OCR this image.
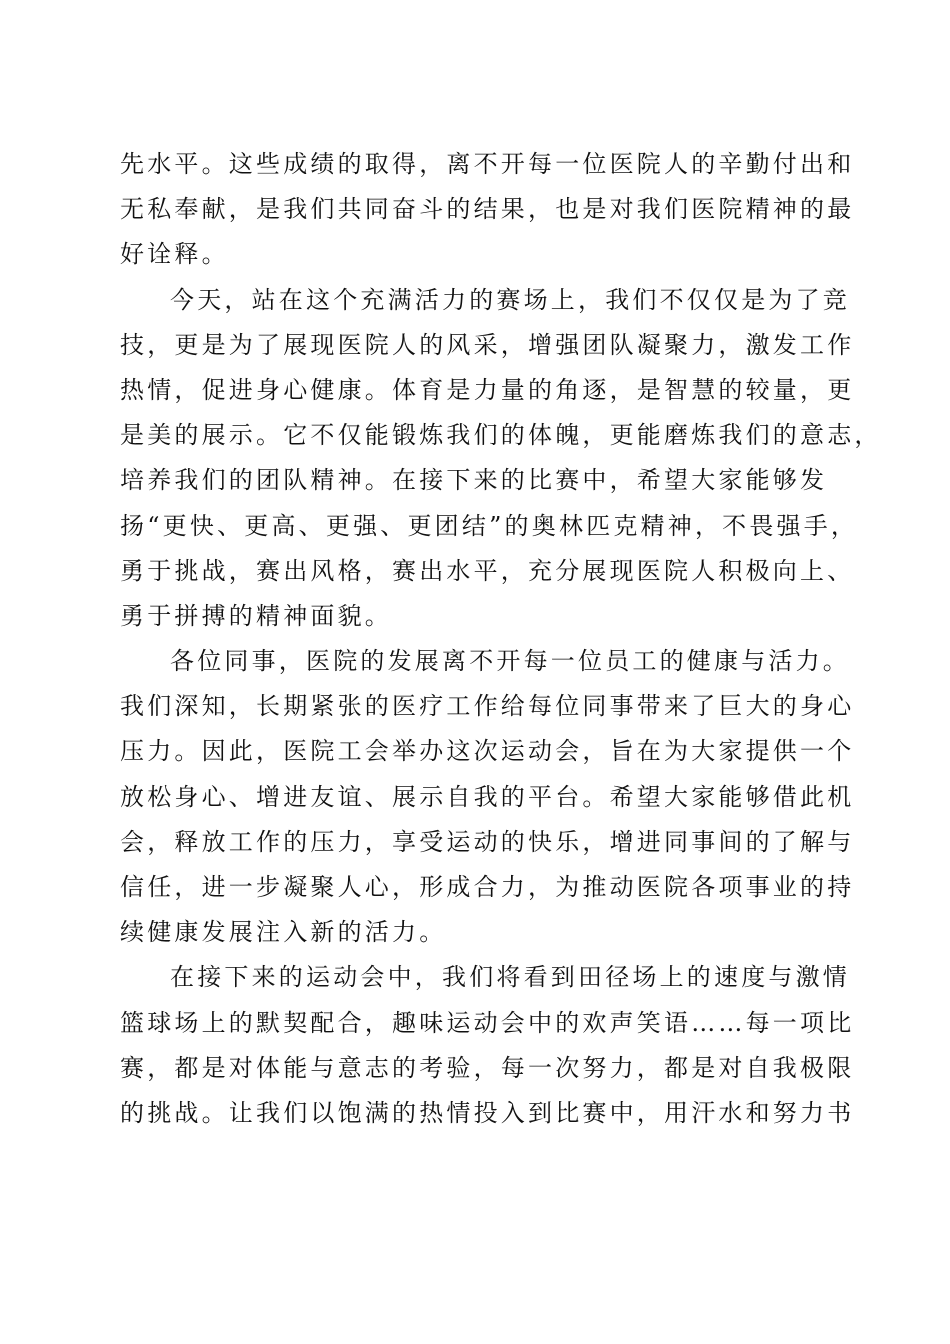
先水平。这些成绩的取得，离不开每一位医院人的辛勤付出和
无私奉献，是我们共同奋斗的结果，也是对我们医院精神的最
好诠释。
今天，站在这个充满活力的赛场上，我们不仅仅是为了竞
技，更是为了展现医院人的风采，增强团队凝聚力，激发工作
热情，促进身心健康。体育是力量的角逐，是智慧的较量，更
是美的展示。它不仅能锻炼我们的体魄，更能磨炼我们的意志，
培养我们的团队精神。在接下来的比赛中，希望大家能够发
扬“更快、更高、更强、更团结”的奥林匹克精神，不畏强手，
勇于挑战，赛出风格，赛出水平，充分展现医院人积极向上、
勇于拼搏的精神面貌。
各位同事，医院的发展离不开每一位员工的健康与活力。
我们深知，长期紧张的医疗工作给每位同事带来了巨大的身心
压力。因此，医院工会举办这次运动会，旨在为大家提供一个
放松身心、增进友谊、展示自我的平台。希望大家能够借此机
会，释放工作的压力，享受运动的快乐，增进同事间的了解与
信任，进一步凝聚人心，形成合力，为推动医院各项事业的持
续健康发展注入新的活力。
在接下来的运动会中，我们将看到田径场上的速度与激情
篮球场上的默契配合，趣味运动会中的欢声笑语……每一项比
赛，都是对体能与意志的考验，每一次努力，都是对自我极限
的挑战。让我们以饱满的热情投入到比赛中，用汗水和努力书
